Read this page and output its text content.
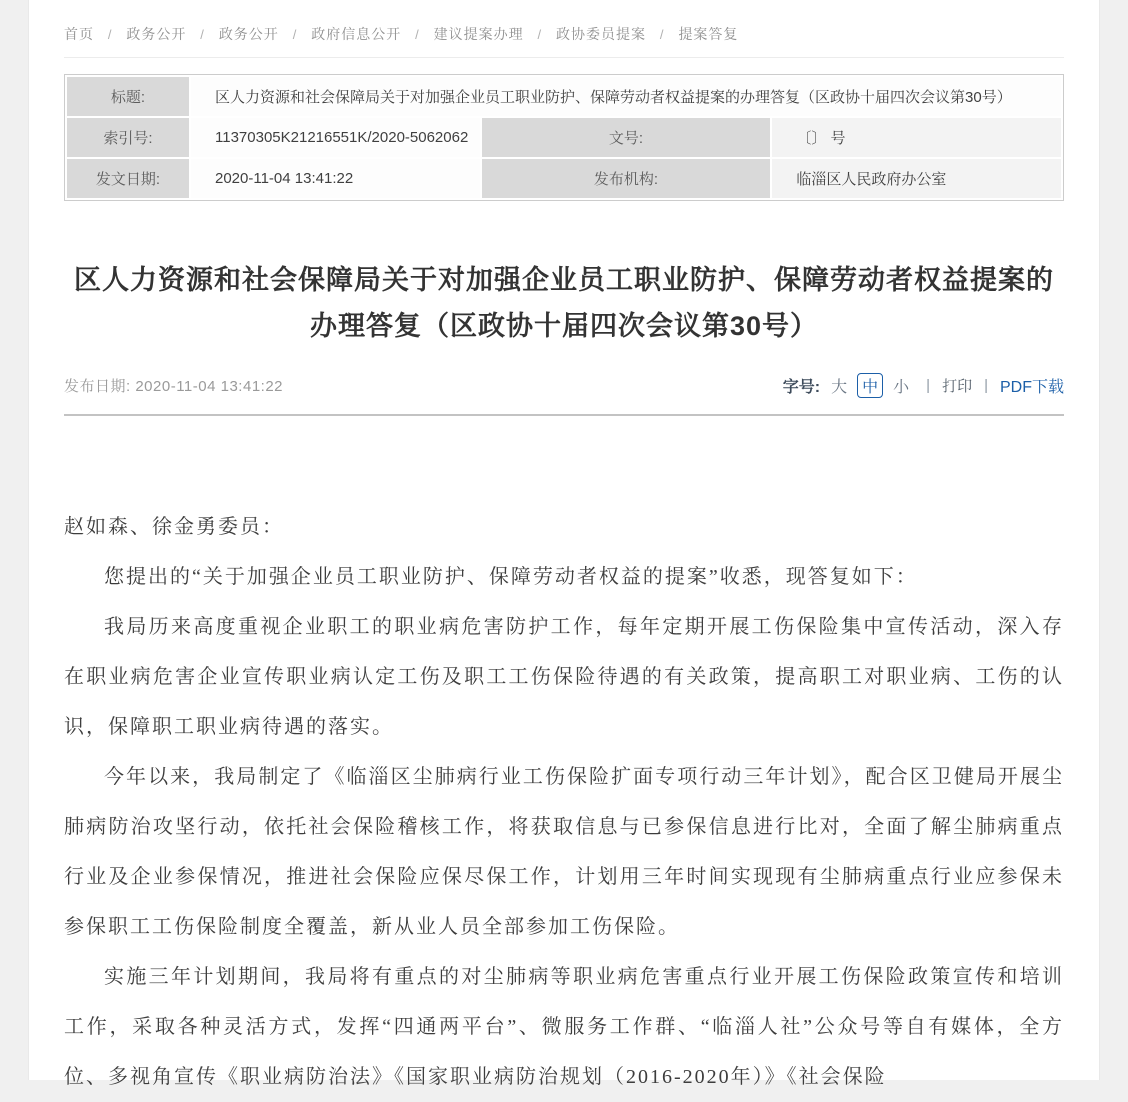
首页 / 政务公开 / 政务公开 / 政府信息公开 / 建议提案办理 / 政协委员提案 / 提案答复
标题:	区人力资源和社会保障局关于对加强企业员工职业防护、保障劳动者权益提案的办理答复（区政协十届四次会议第30号）		
索引号:	11370305K21216551K/2020-5062062	文号:	〔〕 号
发文日期:	2020-11-04 13:41:22	发布机构:	临淄区人民政府办公室
区人力资源和社会保障局关于对加强企业员工职业防护、保障劳动者权益提案的办理答复（区政协十届四次会议第30号）
发布日期: 2020-11-04 13:41:22	字号: 大 中 小 | 打印 | PDF下载

赵如森、徐金勇委员：

您提出的“关于加强企业员工职业防护、保障劳动者权益的提案”收悉，现答复如下：

我局历来高度重视企业职工的职业病危害防护工作，每年定期开展工伤保险集中宣传活动，深入存在职业病危害企业宣传职业病认定工伤及职工工伤保险待遇的有关政策，提高职工对职业病、工伤的认识，保障职工职业病待遇的落实。

今年以来，我局制定了《临淄区尘肺病行业工伤保险扩面专项行动三年计划》，配合区卫健局开展尘肺病防治攻坚行动，依托社会保险稽核工作，将获取信息与已参保信息进行比对，全面了解尘肺病重点行业及企业参保情况，推进社会保险应保尽保工作，计划用三年时间实现现有尘肺病重点行业应参保未参保职工工伤保险制度全覆盖，新从业人员全部参加工伤保险。

实施三年计划期间，我局将有重点的对尘肺病等职业病危害重点行业开展工伤保险政策宣传和培训工作，采取各种灵活方式，发挥“四通两平台”、微服务工作群、“临淄人社”公众号等自有媒体，全方位、多视角宣传《职业病防治法》《国家职业病防治规划（2016-2020年）》《社会保险
